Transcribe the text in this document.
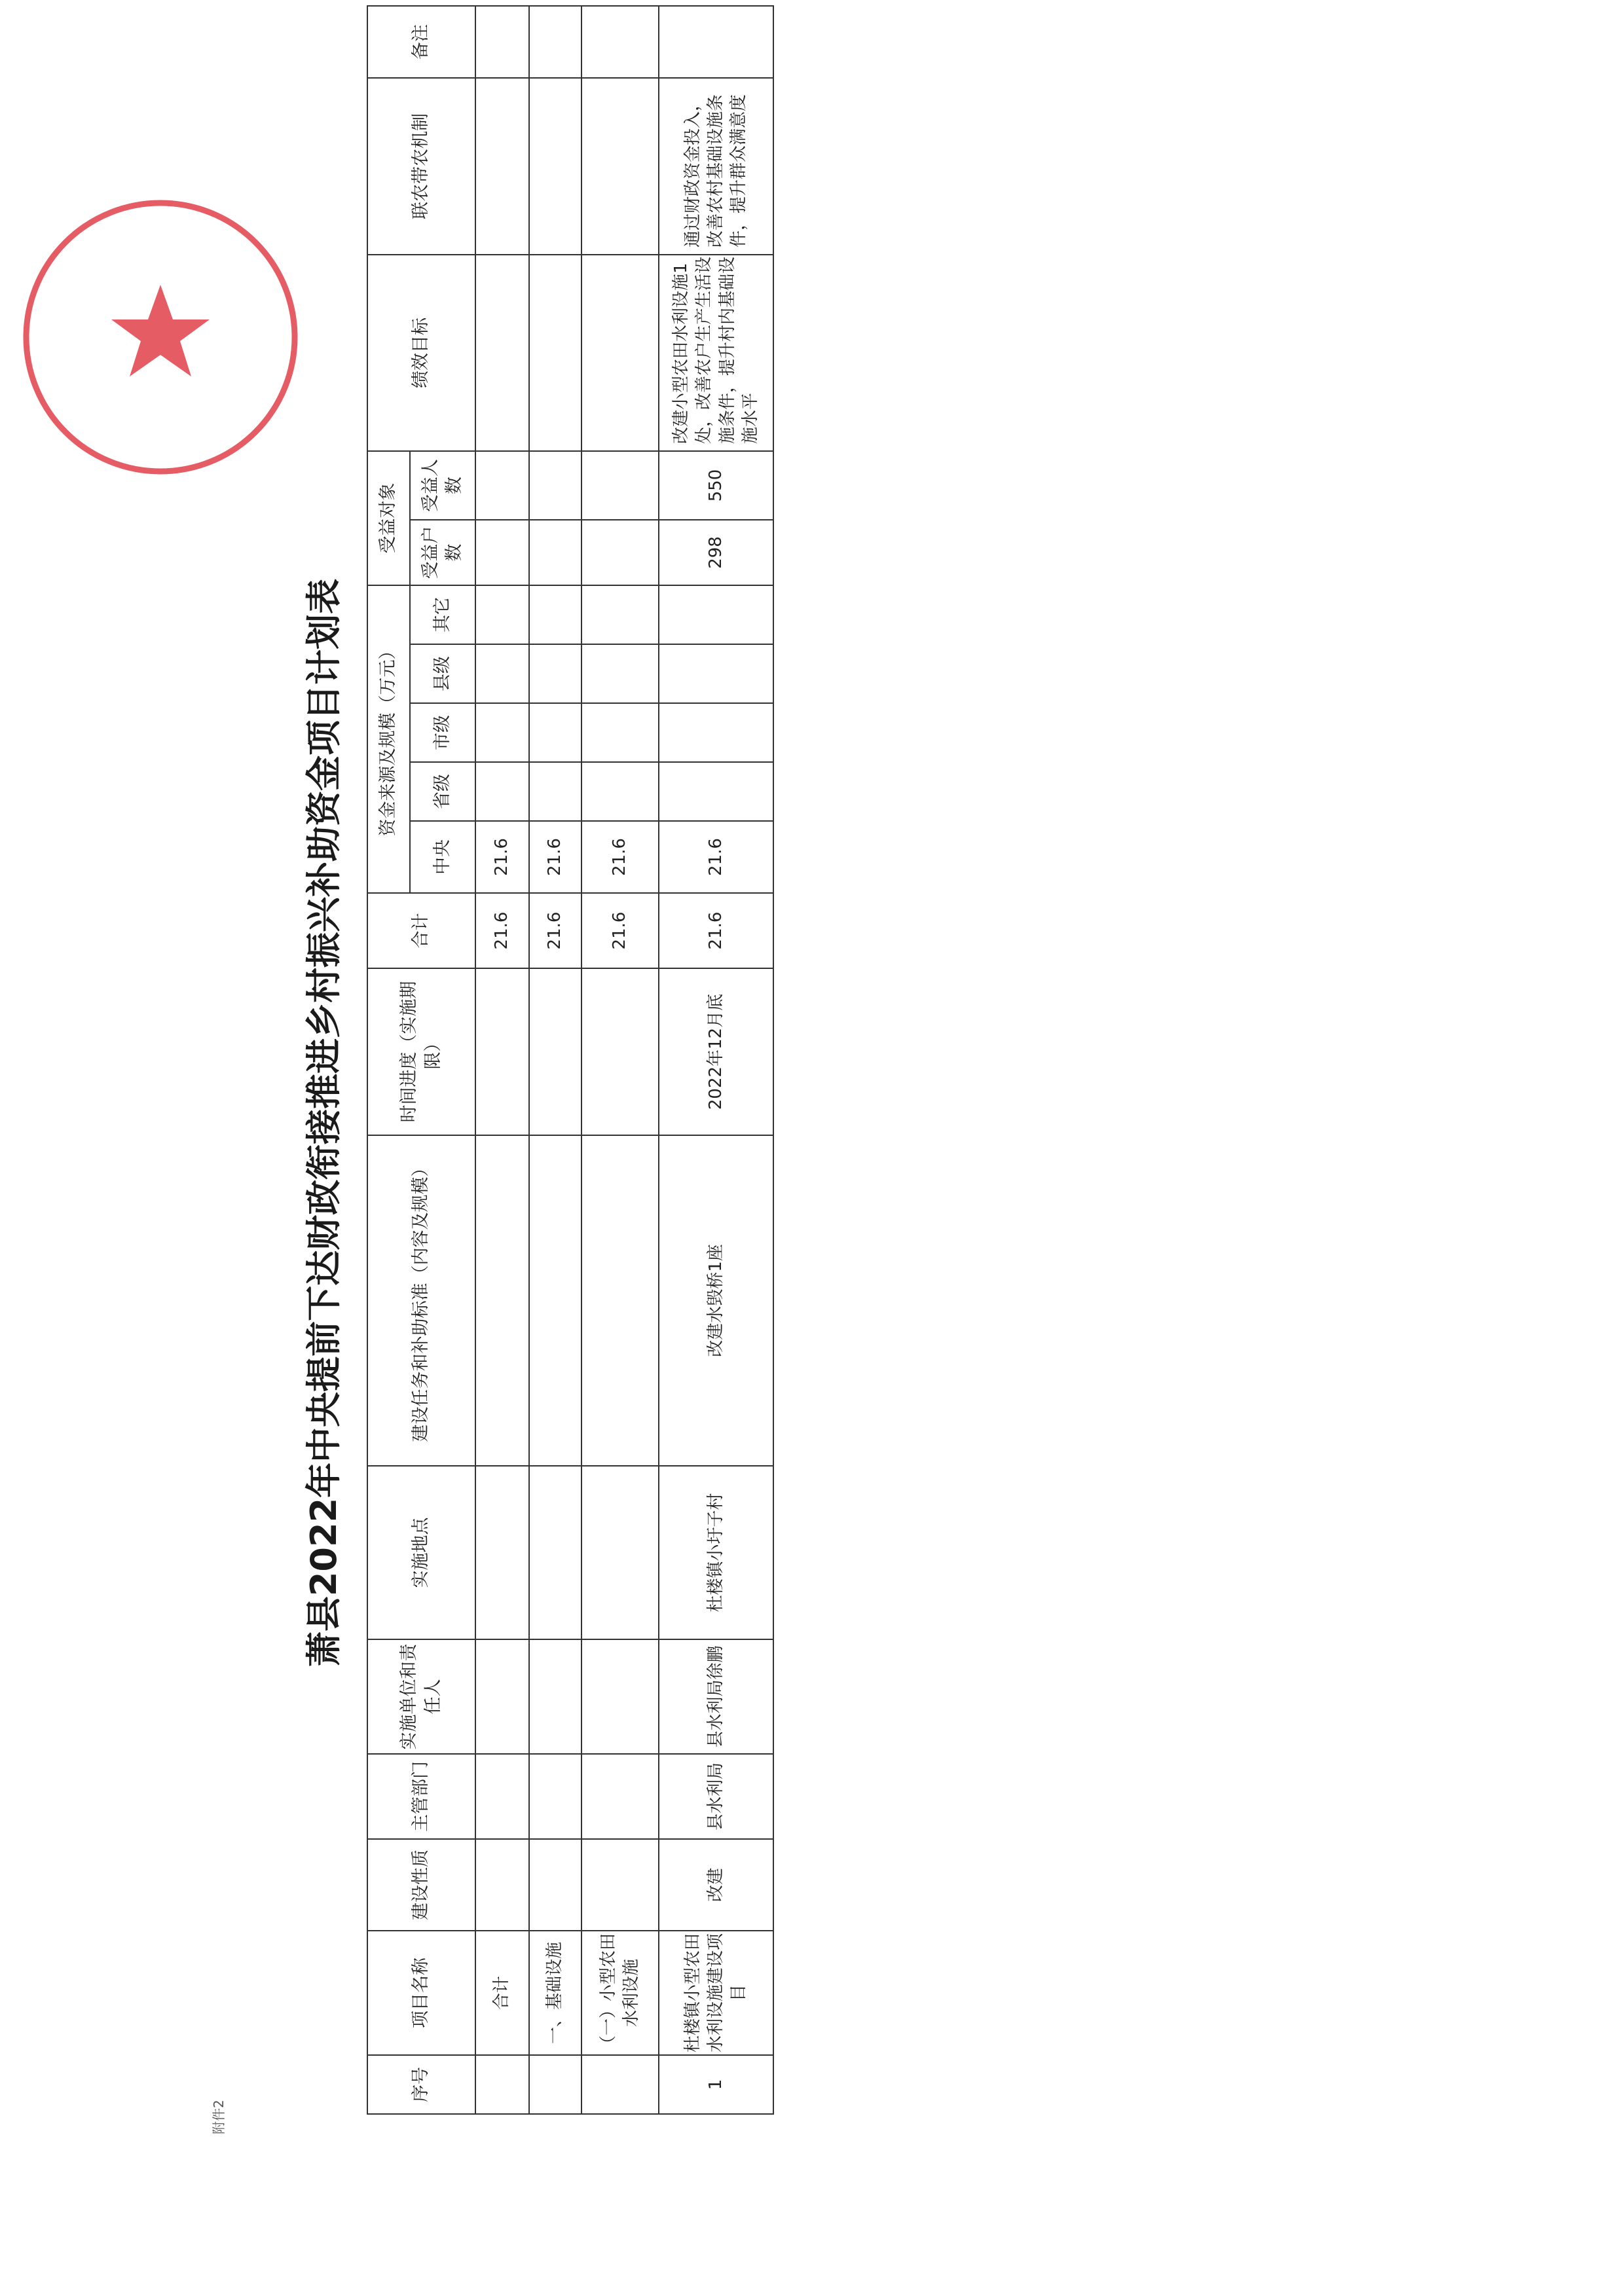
萧县2022年中央提前下达财政衔接推进乡村振兴补助资金项目计划表
序号	项目名称	建设性质	主管部门	实施单位和责任人	实施地点	建设任务和补助标准（内容及规模）	时间进度（实施期限）	合计	资金来源及规模（万元）					受益对象		绩效目标	联农带农机制	备注
									中央	省级	市级	县级	其它	受益户数	受益人数			
	合计							21.6	21.6									
	一、基础设施							21.6	21.6									
	（一）小型农田水利设施							21.6	21.6									
1	杜楼镇小型农田水利设施建设项目	改建	县水利局	县水利局徐鹏	杜楼镇小圩子村	改建水毁桥1座	2022年12月底	21.6	21.6					298	550	改建小型农田水利设施1处，改善农户生产生活设施条件，提升村内基础设施水平	通过财政资金投入，改善农村基础设施条件，提升群众满意度	
附件2
